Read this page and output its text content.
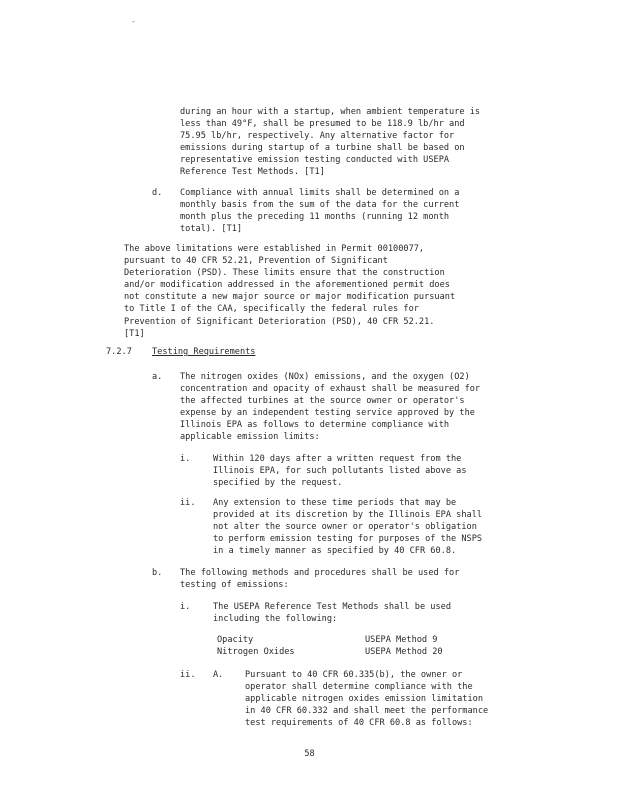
-
during an hour with a startup, when ambient temperature is
less than 49°F, shall be presumed to be 118.9 lb/hr and
75.95 lb/hr, respectively. Any alternative factor for
emissions during startup of a turbine shall be based on
representative emission testing conducted with USEPA
Reference Test Methods. [T1]
d. Compliance with annual limits shall be determined on a
monthly basis from the sum of the data for the current
month plus the preceding 11 months (running 12 month
total). [T1]
The above limitations were established in Permit 00100077,
pursuant to 40 CFR 52.21, Prevention of Significant
Deterioration (PSD). These limits ensure that the construction
and/or modification addressed in the aforementioned permit does
not constitute a new major source or major modification pursuant
to Title I of the CAA, specifically the federal rules for
Prevention of Significant Deterioration (PSD), 40 CFR 52.21.
[T1]
7.2.7 Testing Requirements
a. The nitrogen oxides (NOx) emissions, and the oxygen (O2)
concentration and opacity of exhaust shall be measured for
the affected turbines at the source owner or operator's
expense by an independent testing service approved by the
Illinois EPA as follows to determine compliance with
applicable emission limits:
i.	Within 120 days after a written request from the
Illinois EPA, for such pollutants listed above as
specified by the request.
ii. Any extension to these time periods that may be
provided at its discretion by the Illinois EPA shall
not alter the source owner or operator's obligation
to perform emission testing for purposes of the NSPS
in a timely manner as specified by 40 CFR 60.8.
b. The following methods and procedures shall be used for
testing of emissions:
i.	The USEPA Reference Test Methods shall be used
including the following:
Opacity	USEPA Method 9
Nitrogen Oxides	USEPA Method 20
ii. A.	Pursuant to 40 CFR 60.335(b), the owner or
operator shall determine compliance with the
applicable nitrogen oxides emission limitation
in 40 CFR 60.332 and shall meet the performance
test requirements of 40 CFR 60.8 as follows:
58
